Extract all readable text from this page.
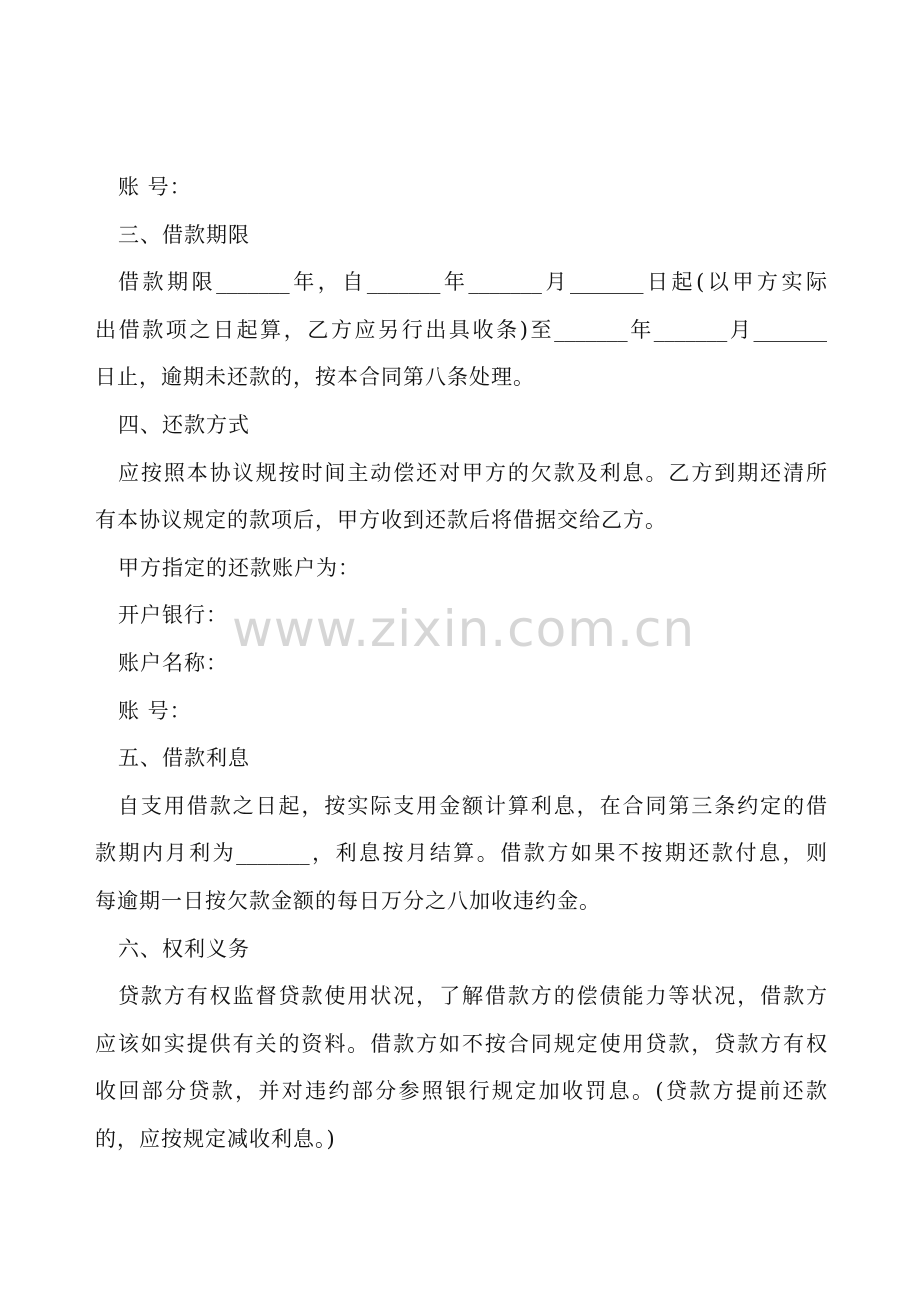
账 号：
三、借款期限
借款期限_______年，自_______年_______月_______日起(以甲方实际
出借款项之日起算，乙方应另行出具收条)至_______年_______月_______
日止，逾期未还款的，按本合同第八条处理。
四、还款方式
应按照本协议规按时间主动偿还对甲方的欠款及利息。乙方到期还清所
有本协议规定的款项后，甲方收到还款后将借据交给乙方。
甲方指定的还款账户为：
开户银行：
账户名称：
账 号：
五、借款利息
自支用借款之日起，按实际支用金额计算利息，在合同第三条约定的借
款期内月利为_______，利息按月结算。借款方如果不按期还款付息，则
每逾期一日按欠款金额的每日万分之八加收违约金。
六、权利义务
贷款方有权监督贷款使用状况，了解借款方的偿债能力等状况，借款方
应该如实提供有关的资料。借款方如不按合同规定使用贷款，贷款方有权
收回部分贷款，并对违约部分参照银行规定加收罚息。(贷款方提前还款
的，应按规定减收利息。)
www.zixin.com.cn
